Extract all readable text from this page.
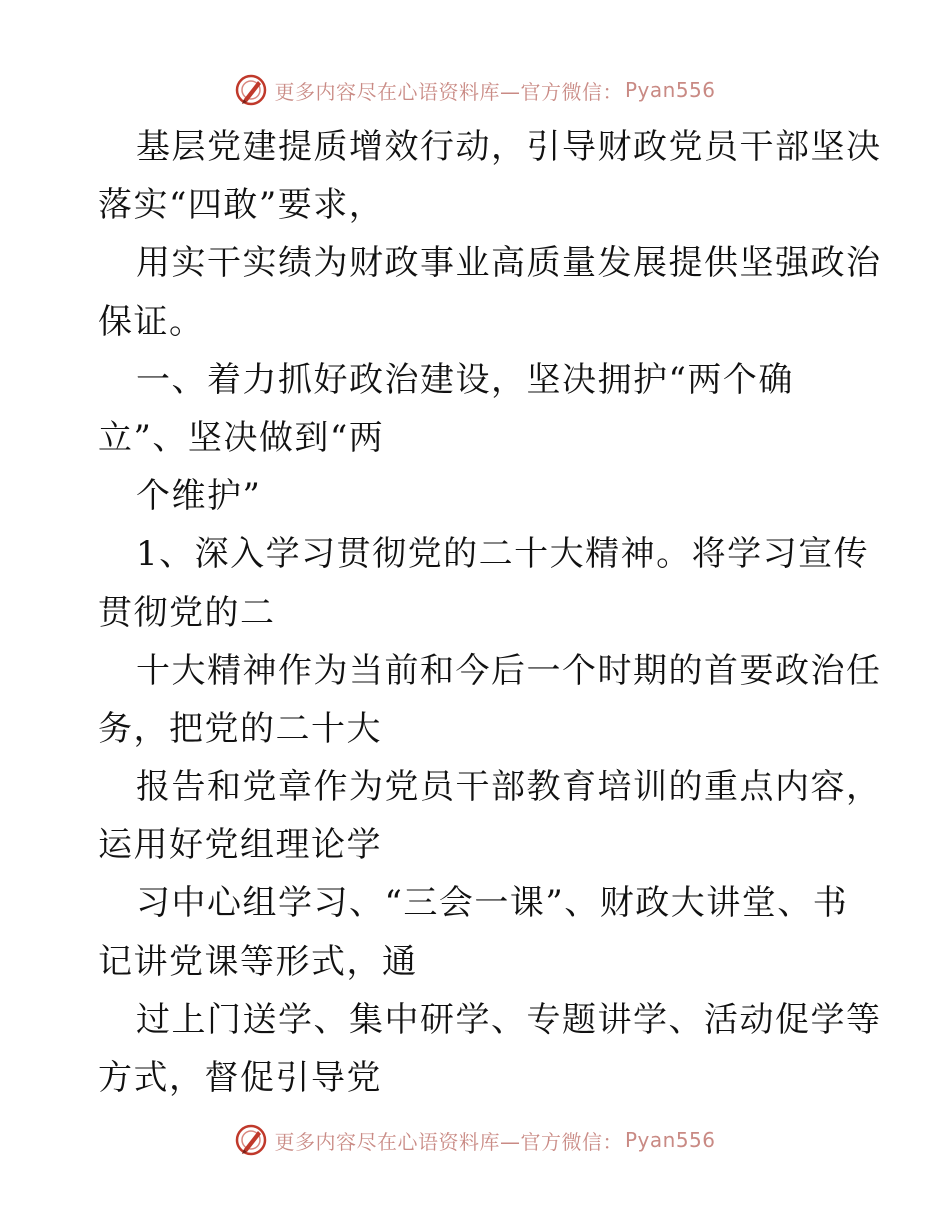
更多内容尽在心语资料库—官方微信： Pyan556
基层党建提质增效行动，引导财政党员干部坚决
落实“四敢”要求，
用实干实绩为财政事业高质量发展提供坚强政治
保证。
一、着力抓好政治建设，坚决拥护“两个确
立”、坚决做到“两
个维护”
1、深入学习贯彻党的二十大精神。将学习宣传
贯彻党的二
十大精神作为当前和今后一个时期的首要政治任
务，把党的二十大
报告和党章作为党员干部教育培训的重点内容，
运用好党组理论学
习中心组学习、“三会一课”、财政大讲堂、书
记讲党课等形式，通
过上门送学、集中研学、专题讲学、活动促学等
方式，督促引导党
更多内容尽在心语资料库—官方微信： Pyan556
